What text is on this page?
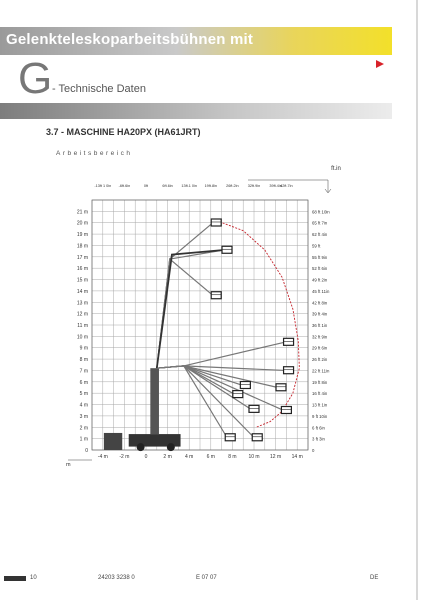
Gelenkteleskoparbeitsbühnen mit
Haulotte
GROUP
G - Technische Daten
3.7 - MASCHINE HA20PX (HA61JRT)
Arbeitsbereich
21 m
20 m
19 m
18 m
17 m
16 m
15 m
14 m
13 m
12 m
11 m
10 m
9 m
8 m
7 m
6 m
5 m
4 m
3 m
2 m
1 m
0
68 ft 10in
65 ft 7in
62 ft 4in
59 ft
55 ft 9in
52 ft 6in
49 ft 2in
45 ft 11in
42 ft 8in
39 ft 4in
36 ft 1in
32 ft 9in
29 ft 6in
26 ft 2in
22 ft 11in
19 ft 8in
16 ft 4in
13 ft 1in
9 ft 10in
6 ft 6in
3 ft 3in
0
-4 m -2 m	0	2 m	4 m	6 m	8 m 10 m 12 m 14 m
-13ft 1 0in -6ft.6in	0ft	6ft.6in 13ft.1 0in 19ft.8in 26ft.2in 32ft.9in 39ft.4in
42ft.7in
m
ft.in
10	24203 3238 0	E 07 07	DE
